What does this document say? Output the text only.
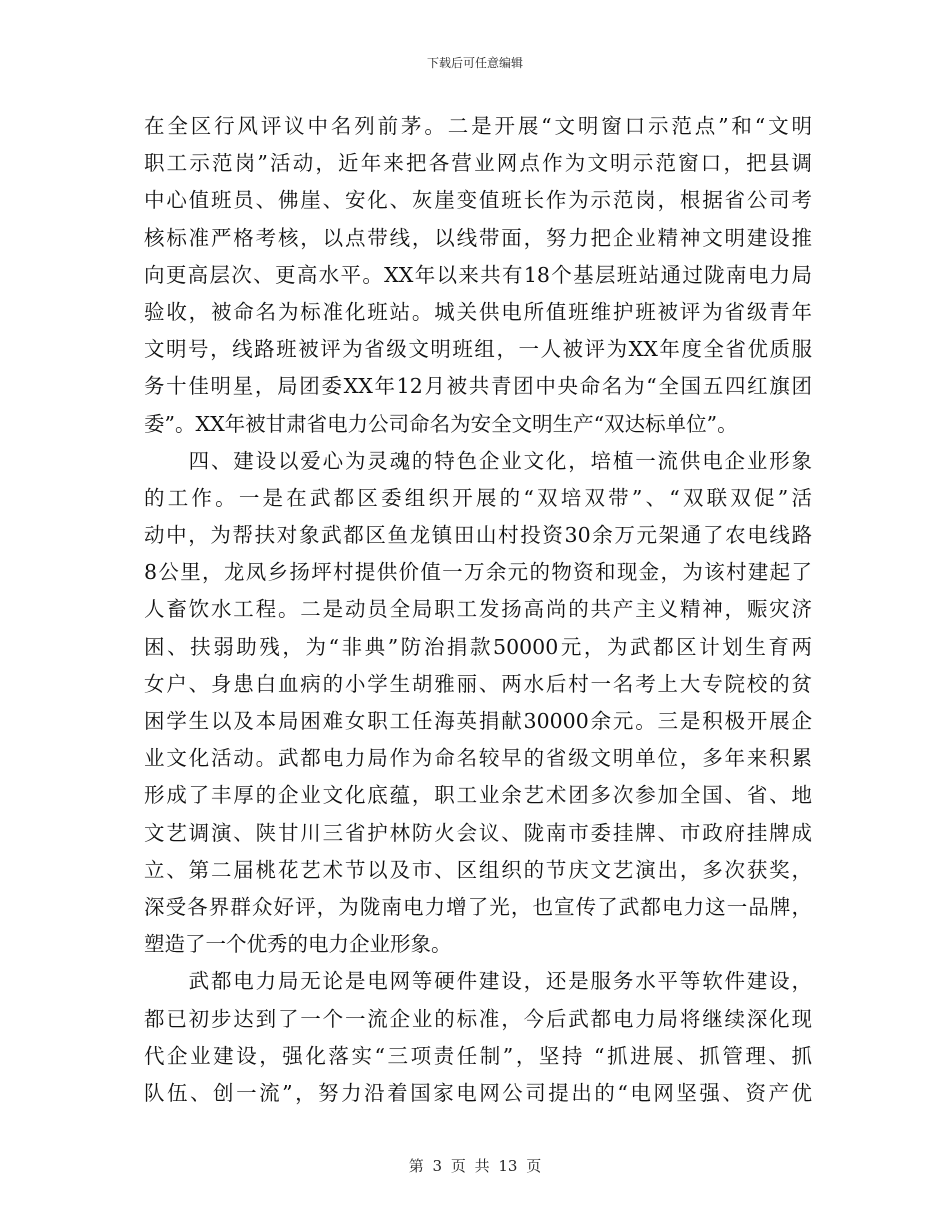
下载后可任意编辑
在全区行风评议中名列前茅。二是开展“文明窗口示范点”和“文明
职工示范岗”活动，近年来把各营业网点作为文明示范窗口，把县调
中心值班员、佛崖、安化、灰崖变值班长作为示范岗，根据省公司考
核标准严格考核，以点带线，以线带面，努力把企业精神文明建设推
向更高层次、更高水平。XX年以来共有18个基层班站通过陇南电力局
验收，被命名为标准化班站。城关供电所值班维护班被评为省级青年
文明号，线路班被评为省级文明班组，一人被评为XX年度全省优质服
务十佳明星，局团委XX年12月被共青团中央命名为“全国五四红旗团
委”。XX年被甘肃省电力公司命名为安全文明生产“双达标单位”。
　　四、建设以爱心为灵魂的特色企业文化，培植一流供电企业形象
的工作。一是在武都区委组织开展的“双培双带”、“双联双促”活
动中，为帮扶对象武都区鱼龙镇田山村投资30余万元架通了农电线路
8公里，龙凤乡扬坪村提供价值一万余元的物资和现金，为该村建起了
人畜饮水工程。二是动员全局职工发扬高尚的共产主义精神，赈灾济
困、扶弱助残，为“非典”防治捐款50000元，为武都区计划生育两
女户、身患白血病的小学生胡雅丽、两水后村一名考上大专院校的贫
困学生以及本局困难女职工任海英捐献30000余元。三是积极开展企
业文化活动。武都电力局作为命名较早的省级文明单位，多年来积累
形成了丰厚的企业文化底蕴，职工业余艺术团多次参加全国、省、地
文艺调演、陕甘川三省护林防火会议、陇南市委挂牌、市政府挂牌成
立、第二届桃花艺术节以及市、区组织的节庆文艺演出，多次获奖，
深受各界群众好评，为陇南电力增了光，也宣传了武都电力这一品牌，
塑造了一个优秀的电力企业形象。
　　武都电力局无论是电网等硬件建设，还是服务水平等软件建设，
都已初步达到了一个一流企业的标准，今后武都电力局将继续深化现
代企业建设，强化落实“三项责任制”，坚持 “抓进展、抓管理、抓
队伍、创一流”，努力沿着国家电网公司提出的“电网坚强、资产优
第 3 页 共 13 页
